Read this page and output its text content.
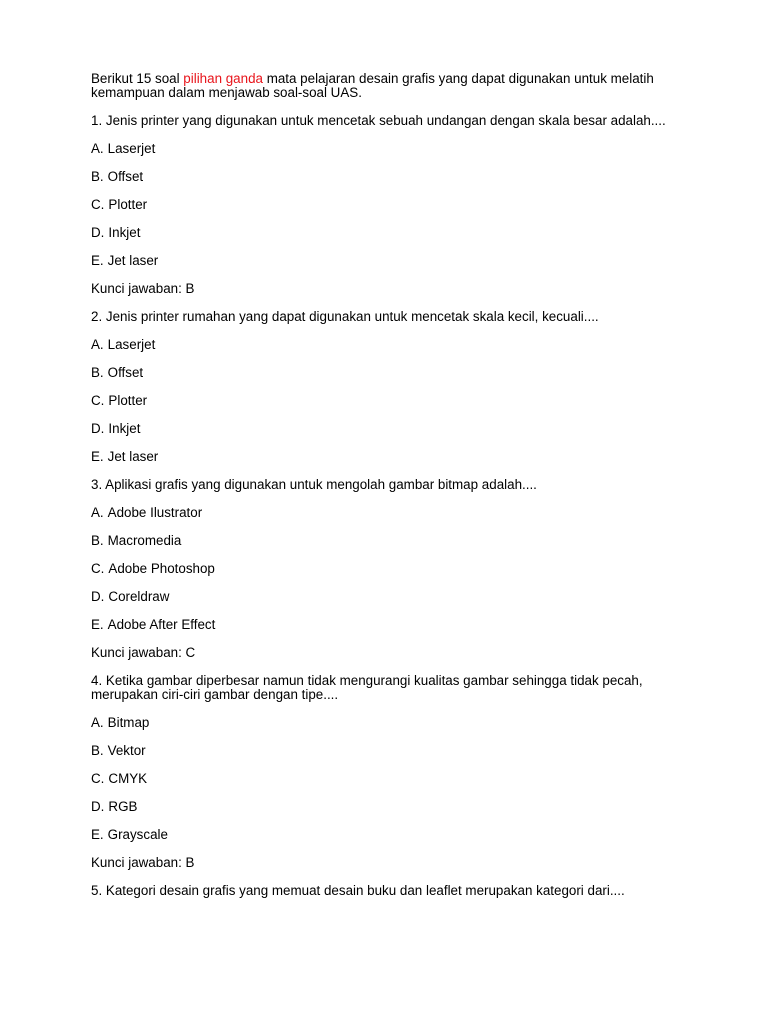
Berikut 15 soal pilihan ganda mata pelajaran desain grafis yang dapat digunakan untuk melatih kemampuan dalam menjawab soal-soal UAS.

1. Jenis printer yang digunakan untuk mencetak sebuah undangan dengan skala besar adalah....

A. Laserjet

B. Offset

C. Plotter

D. Inkjet

E. Jet laser

Kunci jawaban: B

2. Jenis printer rumahan yang dapat digunakan untuk mencetak skala kecil, kecuali....

A. Laserjet

B. Offset

C. Plotter

D. Inkjet

E. Jet laser

3. Aplikasi grafis yang digunakan untuk mengolah gambar bitmap adalah....

A. Adobe Ilustrator

B. Macromedia

C. Adobe Photoshop

D. Coreldraw

E. Adobe After Effect

Kunci jawaban: C

4. Ketika gambar diperbesar namun tidak mengurangi kualitas gambar sehingga tidak pecah, merupakan ciri-ciri gambar dengan tipe....

A. Bitmap

B. Vektor

C. CMYK

D. RGB

E. Grayscale

Kunci jawaban: B

5. Kategori desain grafis yang memuat desain buku dan leaflet merupakan kategori dari....
